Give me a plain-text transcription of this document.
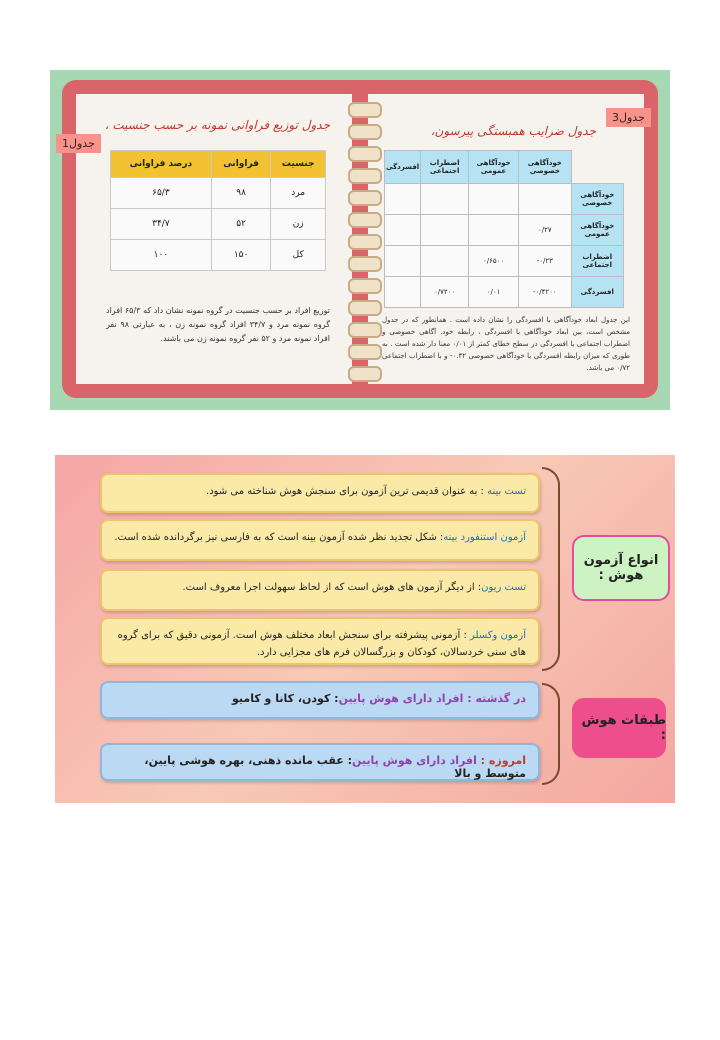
جدول توزیع فراوانی نمونه بر حسب جنسیت ،
درصد فراوانی	فراوانی	جنسیت
۶۵/۳	۹۸	مرد
۳۴/۷	۵۲	زن
۱۰۰	۱۵۰	کل
توزیع افراد بر حسب جنسیت در گروه نمونه نشان داد که ۶۵/۳ افراد گروه نمونه مرد و ۳۴/۷ افراد گروه نمونه زن ، به عبارتی ۹۸ نفر افراد نمونه مرد و ۵۲ نفر گروه نمونه زن می باشند.
جدول ضرایب همبستگی پیرسون،
افسردگی	اضطراب اجتماعی	خودآگاهی عمومی	خودآگاهی خصوصی	
				خودآگاهی خصوصی
			۰/۲۷	خودآگاهی عمومی
		۰/۶۵۰۰	-۰/۲۳	اضطراب اجتماعی
	۰/۷۲۰۰	۰/۰۱	-۰/۴۲۰۰	افسردگی
این جدول ابعاد خودآگاهی با افسردگی را نشان داده است . همانطور که در جدول مشخص است، بین ابعاد خودآگاهی با افسردگی ، رابطه خود. آگاهی خصوصی و اضطراب اجتماعی با افسردگی در سطح خطای کمتر از ۰/۰۱ معنا دار شده است . به طوری که میزان رابطه افسردگی با خودآگاهی خصوصی ۰.۴۲- و با اضطراب اجتماعی ۰/۷۲ می باشد.
جدول1
جدول3
تست بینه : به عنوان قدیمی ترین آزمون برای سنجش هوش شناخته می شود.
آزمون استنفورد بینه: شکل تجدید نظر شده آزمون بینه است که به فارسی نیز برگردانده شده است.
تست ریون: از دیگر آزمون های هوش است که از لحاظ سهولت اجرا معروف است.
آزمون وکسلر : آزمونی پیشرفته برای سنجش ابعاد مختلف هوش است. آزمونی دقیق که برای گروه های سنی خردسالان، کودکان و بزرگسالان فرم های مجزایی دارد.
انواع آزمون هوش :
در گذشته : افراد دارای هوش پایین: کودن، کانا و کامیو
امروزه : افراد دارای هوش پایین: عقب مانده ذهنی، بهره هوشی پایین، متوسط و بالا
طبقات هوش :
